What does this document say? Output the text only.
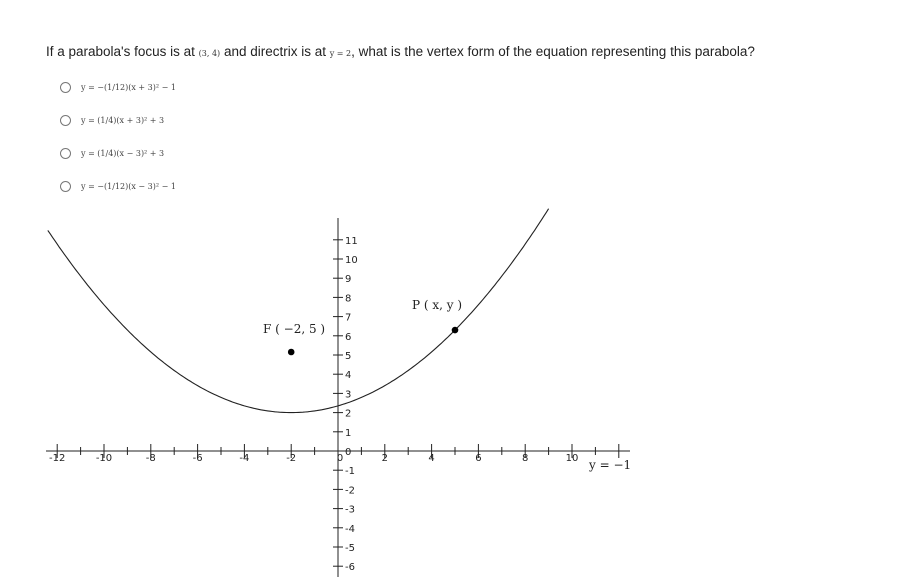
If a parabola's focus is at (3, 4) and directrix is at y = 2, what is the vertex form of the equation representing this parabola?
y = −(1/12)(x + 3)² − 1
y = (1/4)(x + 3)² + 3
y = (1/4)(x − 3)² + 3
y = −(1/12)(x − 3)² − 1
-12	-10	-8	-6	-4	-2	0	2	4	6	8	10
11
10
9
8
7
6
5
4
3
2
1
0
-1
-2
-3
-4
-5
-6
F ( −2, 5 )
P ( x, y )
y = −1
